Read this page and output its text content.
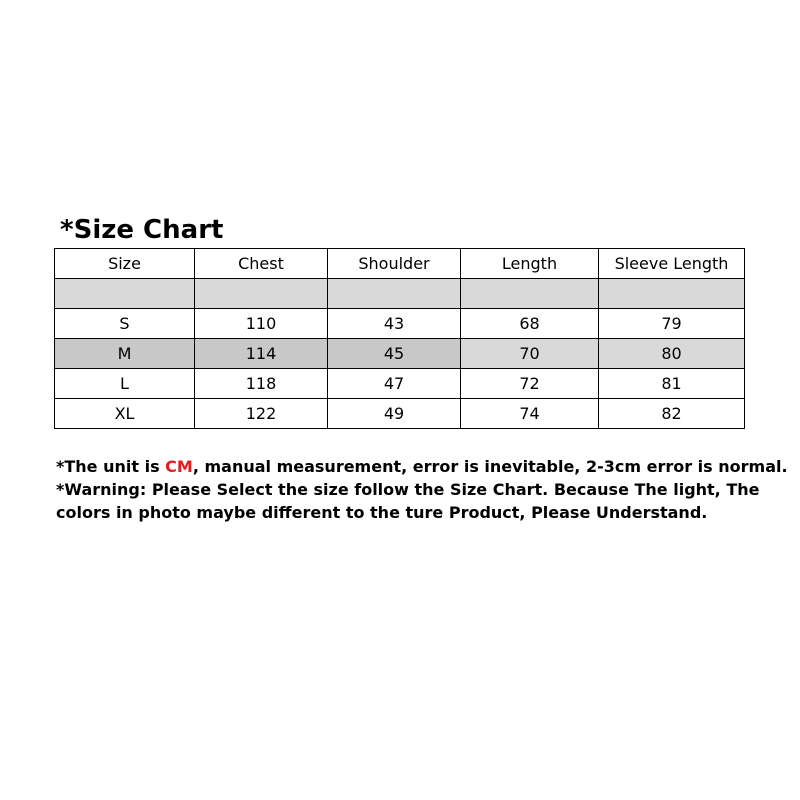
*Size Chart
Size	Chest	Shoulder	Length	Sleeve Length

S	110	43	68	79
M	114	45	70	80
L	118	47	72	81
XL	122	49	74	82

*The unit is CM, manual measurement, error is inevitable, 2-3cm error is normal.

*Warning: Please Select the size follow the Size Chart. Because The light, The

colors in photo maybe different to the ture Product, Please Understand.
